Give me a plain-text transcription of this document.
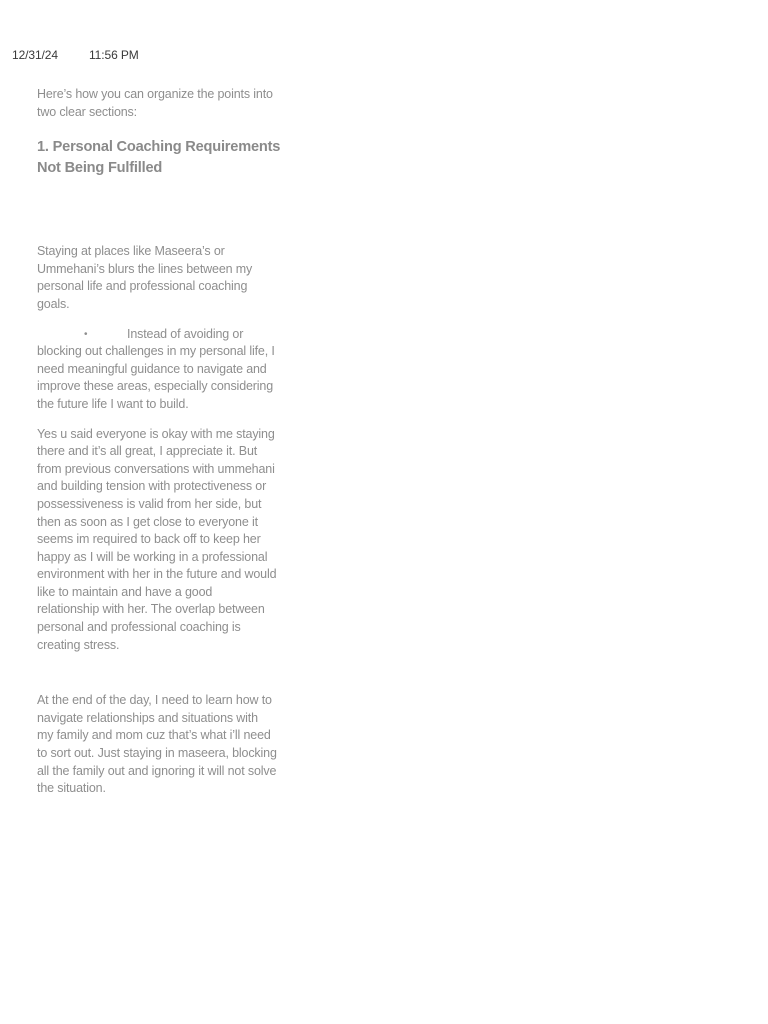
12/31/24	11:56 PM

Here’s how you can organize the points into two clear sections:

1. Personal Coaching Requirements Not Being Fulfilled

Staying at places like Maseera’s or Ummehani’s blurs the lines between my personal life and professional coaching goals.

•	Instead of avoiding or blocking out challenges in my personal life, I need meaningful guidance to navigate and improve these areas, especially considering the future life I want to build.

Yes u said everyone is okay with me staying there and it’s all great, I appreciate it. But from previous conversations with ummehani and building tension with protectiveness or possessiveness is valid from her side, but then as soon as I get close to everyone it seems im required to back off to keep her happy as I will be working in a professional environment with her in the future and would like to maintain and have a good relationship with her. The overlap between personal and professional coaching is creating stress.

At the end of the day, I need to learn how to navigate relationships and situations with my family and mom cuz that’s what i’ll need to sort out. Just staying in maseera, blocking all the family out and ignoring it will not solve the situation.
